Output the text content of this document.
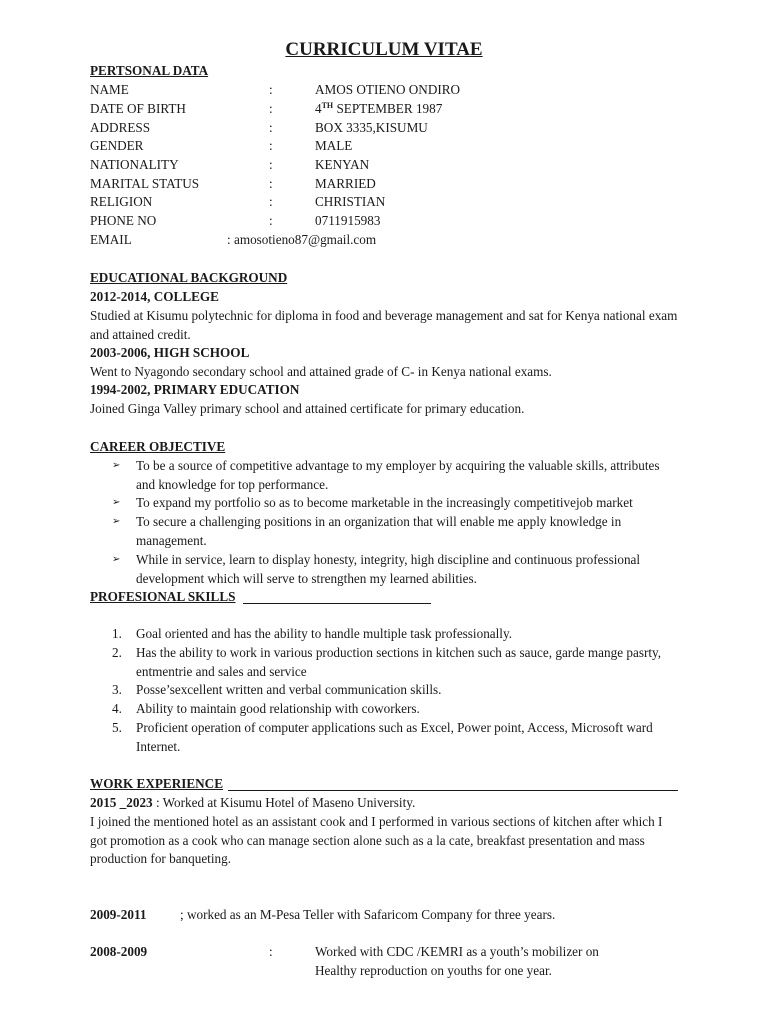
CURRICULUM VITAE
PERTSONAL DATA
NAME	:	AMOS OTIENO ONDIRO
DATE OF BIRTH	:	4TH SEPTEMBER 1987
ADDRESS	:	BOX 3335,KISUMU
GENDER	:	MALE
NATIONALITY	:	KENYAN
MARITAL STATUS	:	MARRIED
RELIGION	:	CHRISTIAN
PHONE NO	:	0711915983
EMAIL	: amosotieno87@gmail.com
EDUCATIONAL BACKGROUND
2012-2014, COLLEGE
Studied at Kisumu polytechnic for diploma in food and beverage management and sat for Kenya national exam and attained credit.
2003-2006, HIGH SCHOOL
Went to Nyagondo secondary school and attained grade of C- in Kenya national exams.
1994-2002, PRIMARY EDUCATION
Joined Ginga Valley primary school and attained certificate for primary education.
CAREER OBJECTIVE
➢ To be a source of competitive advantage to my employer by acquiring the valuable skills, attributes and knowledge for top performance.
➢ To expand my portfolio so as to become marketable in the increasingly competitivejob market
➢ To secure a challenging positions in an organization that will enable me apply knowledge in management.
➢ While in service, learn to display honesty, integrity, high discipline and continuous professional development which will serve to strengthen my learned abilities.
PROFESIONAL SKILLS
1. Goal oriented and has the ability to handle multiple task professionally.
2. Has the ability to work in various production sections in kitchen such as sauce, garde mange pasrty, entmentrie and sales and service
3. Posse’sexcellent written and verbal communication skills.
4. Ability to maintain good relationship with coworkers.
5. Proficient operation of computer applications such as Excel, Power point, Access, Microsoft ward Internet.
WORK EXPERIENCE
2015 _2023 : Worked at Kisumu Hotel of Maseno University.
I joined the mentioned hotel as an assistant cook and I performed in various sections of kitchen after which I got promotion as a cook who can manage section alone such as a la cate, breakfast presentation and mass production for banqueting.
2009-2011	; worked as an M-Pesa Teller with Safaricom Company for three years.
2008-2009	:	Worked with CDC /KEMRI as a youth’s mobilizer on Healthy reproduction on youths for one year.
